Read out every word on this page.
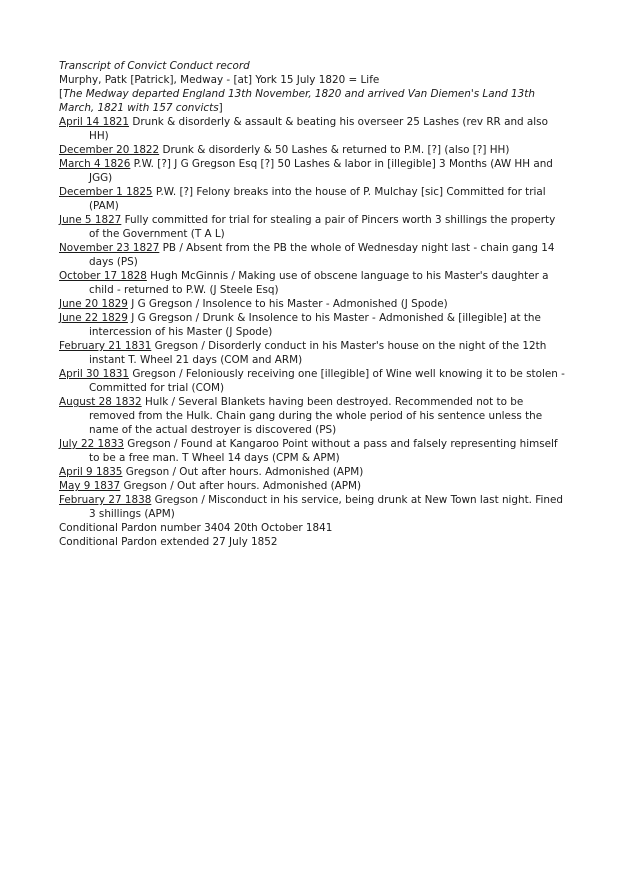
Transcript of Convict Conduct record
Murphy, Patk [Patrick], Medway - [at] York 15 July 1820 = Life
[The Medway departed England 13th November, 1820 and arrived Van Diemen's Land 13th March, 1821 with 157 convicts]
April 14 1821 Drunk & disorderly & assault & beating his overseer 25 Lashes (rev RR and also HH)
December 20 1822 Drunk & disorderly & 50 Lashes & returned to P.M. [?] (also [?] HH)
March 4 1826 P.W. [?] J G Gregson Esq [?] 50 Lashes & labor in [illegible] 3 Months (AW HH and JGG)
December 1 1825 P.W. [?] Felony breaks into the house of P. Mulchay [sic] Committed for trial (PAM)
June 5 1827 Fully committed for trial for stealing a pair of Pincers worth 3 shillings the property of the Government (T A L)
November 23 1827 PB / Absent from the PB the whole of Wednesday night last - chain gang 14 days (PS)
October 17 1828 Hugh McGinnis / Making use of obscene language to his Master's daughter a child - returned to P.W. (J Steele Esq)
June 20 1829 J G Gregson / Insolence to his Master - Admonished (J Spode)
June 22 1829 J G Gregson / Drunk & Insolence to his Master - Admonished & [illegible] at the intercession of his Master (J Spode)
February 21 1831 Gregson / Disorderly conduct in his Master's house on the night of the 12th instant T. Wheel 21 days (COM and ARM)
April 30 1831 Gregson / Feloniously receiving one [illegible] of Wine well knowing it to be stolen - Committed for trial (COM)
August 28 1832 Hulk / Several Blankets having been destroyed. Recommended not to be removed from the Hulk. Chain gang during the whole period of his sentence unless the name of the actual destroyer is discovered (PS)
July 22 1833 Gregson / Found at Kangaroo Point without a pass and falsely representing himself to be a free man. T Wheel 14 days (CPM & APM)
April 9 1835 Gregson / Out after hours. Admonished (APM)
May 9 1837 Gregson / Out after hours. Admonished (APM)
February 27 1838 Gregson / Misconduct in his service, being drunk at New Town last night. Fined 3 shillings (APM)
Conditional Pardon number 3404 20th October 1841
Conditional Pardon extended 27 July 1852
